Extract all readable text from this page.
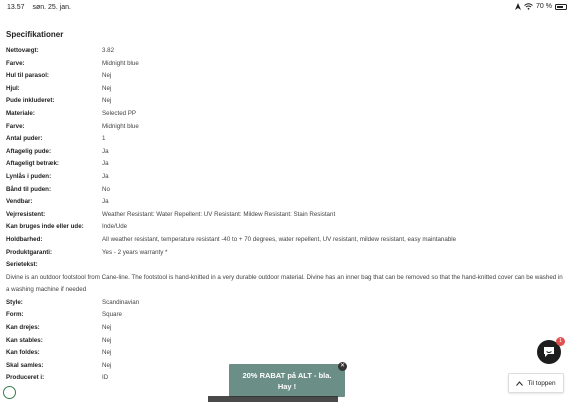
13.57 søn. 25. jan.	70 %
Specifikationer
Nettovægt:	3.82
Farve:	Midnight blue
Hul til parasol:	Nej
Hjul:	Nej
Pude inkluderet:	Nej
Materiale:	Selected PP
Farve:	Midnight blue
Antal puder:	1
Aftagelig pude:	Ja
Aftageligt betræk:	Ja
Lynlås i puden:	Ja
Bånd til puden:	No
Vendbar:	Ja
Vejrresistent:	Weather Resistant: Water Repellent: UV Resistant: Mildew Resistant: Stain Resistant
Kan bruges inde eller ude:	Inde/Ude
Holdbarhed:	All weather resistant, temperature resistant -40 to + 70 degrees, water repellent, UV resistant, mildew resistant, easy maintanable
Produktgaranti:	Yes - 2 years warranty *
Serietekst:
Divine is an outdoor footstool from Cane-line. The footstool is hand-knitted in a very durable outdoor material. Divine has an inner bag that can be removed so that the hand-knitted cover can be washed in a washing machine if needed
Style:	Scandinavian
Form:	Square
Kan drejes:	Nej
Kan stables:	Nej
Kan foldes:	Nej
Skal samles:	Nej
Produceret i:	ID	20% RABAT på ALT - bla.
Hay !
✕
1
Til toppen
